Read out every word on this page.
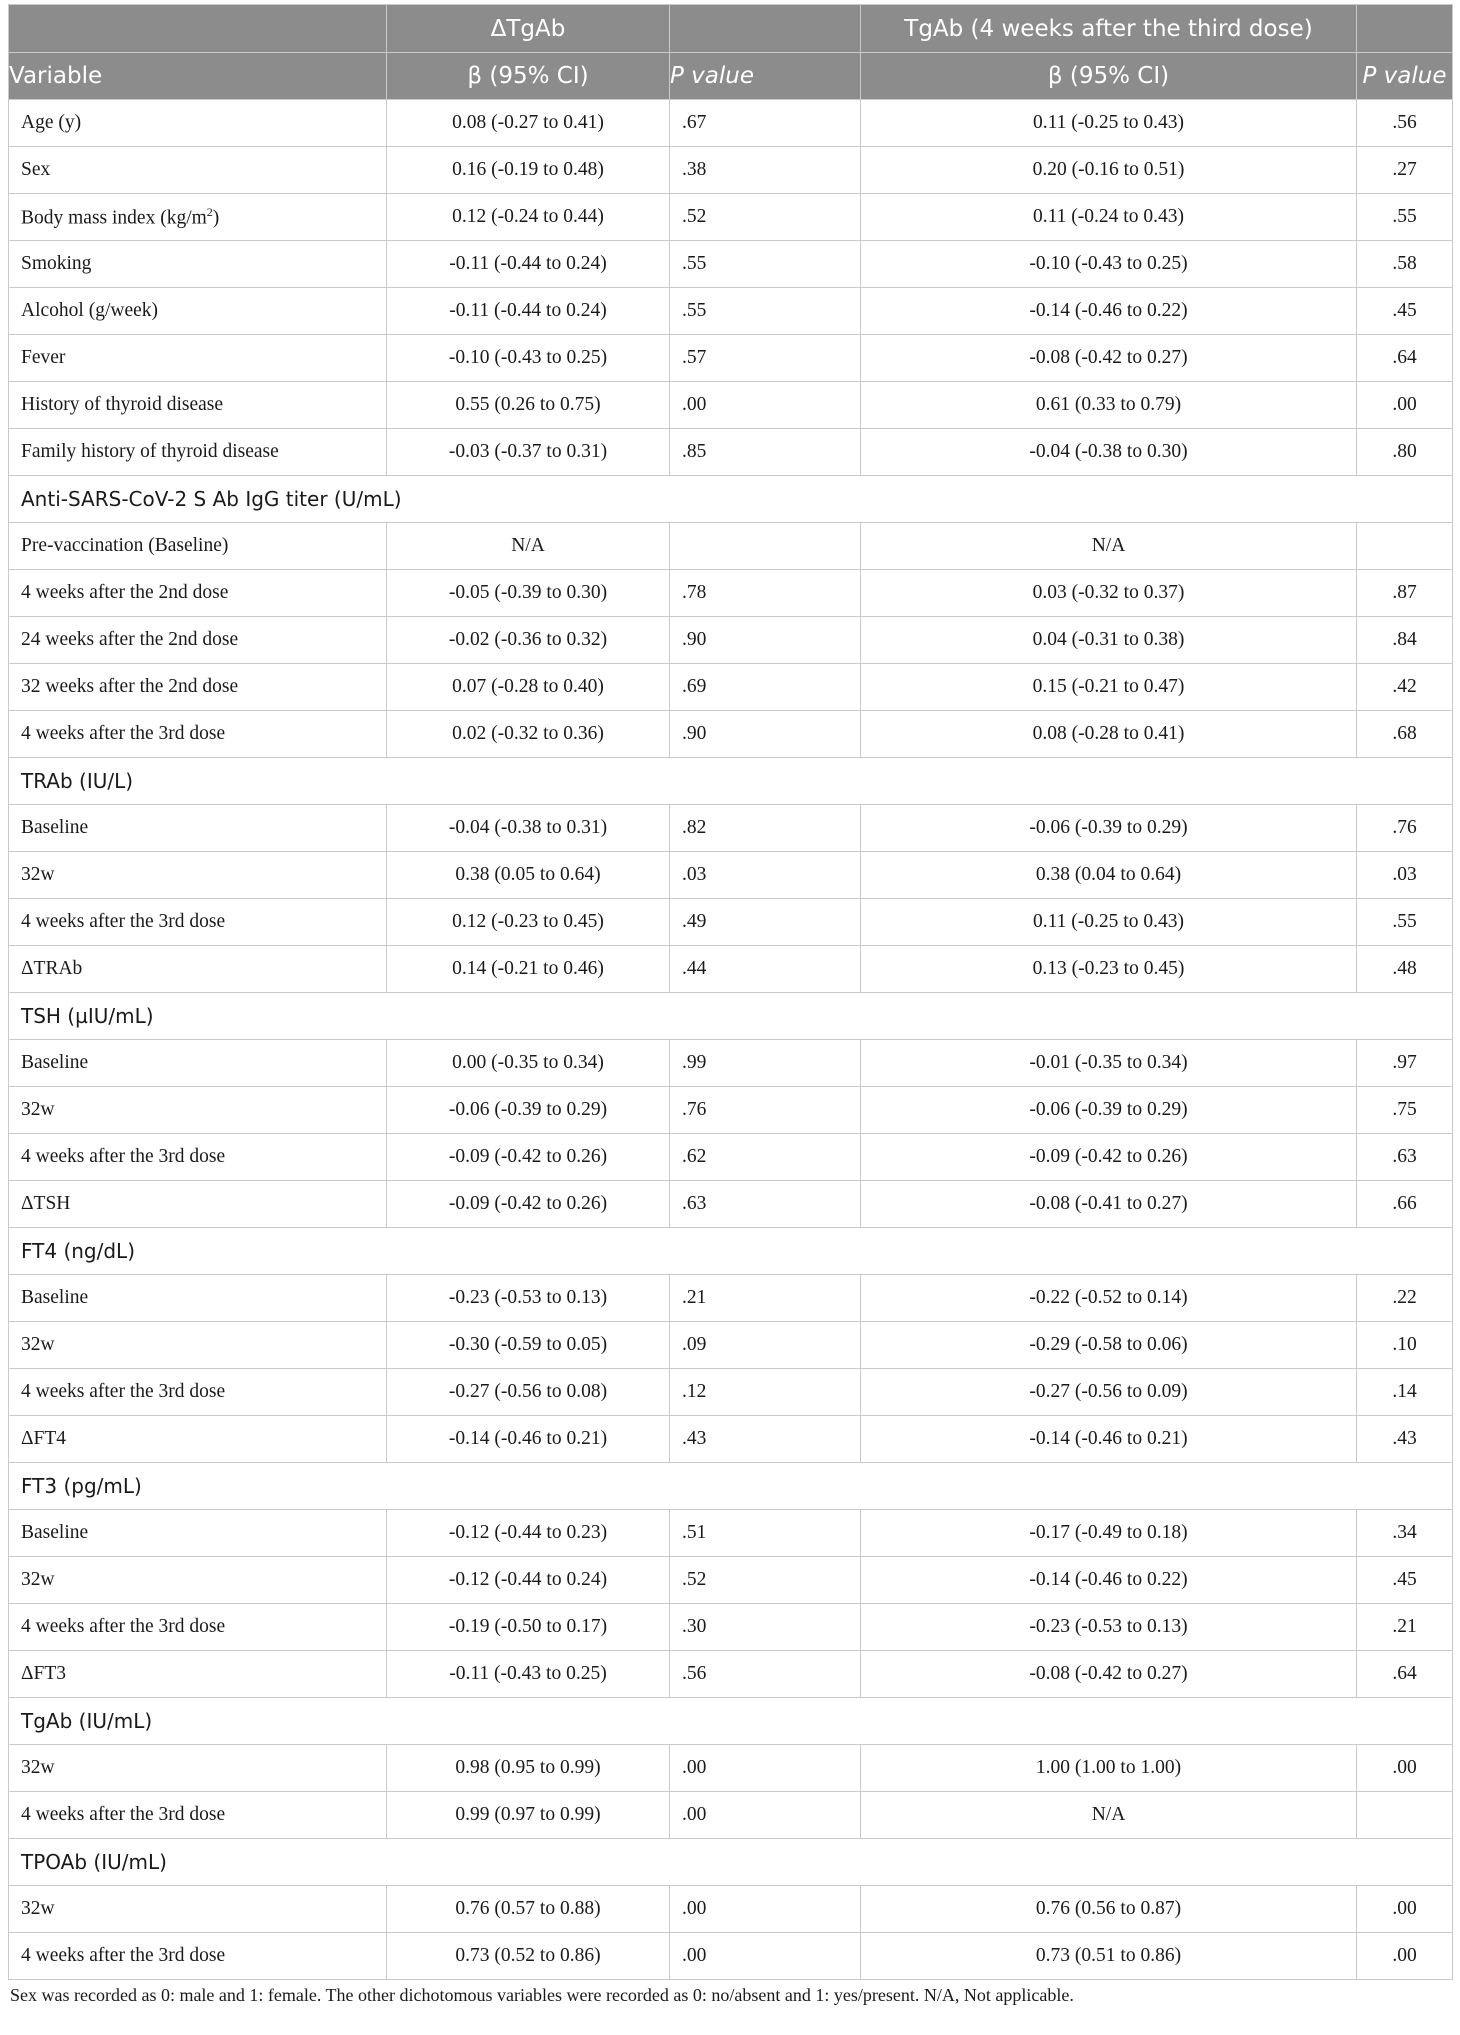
	ΔTgAb		TgAb (4 weeks after the third dose)	
Variable	β (95% CI)	P value	β (95% CI)	P value
Age (y)	0.08 (-0.27 to 0.41)	.67	0.11 (-0.25 to 0.43)	.56
Sex	0.16 (-0.19 to 0.48)	.38	0.20 (-0.16 to 0.51)	.27
Body mass index $(kg/m^2)$	0.12 (-0.24 to 0.44)	.52	0.11 (-0.24 to 0.43)	.55
Smoking	-0.11 (-0.44 to 0.24)	.55	-0.10 (-0.43 to 0.25)	.58
Alcohol (g/week)	-0.11 (-0.44 to 0.24)	.55	-0.14 (-0.46 to 0.22)	.45
Fever	-0.10 (-0.43 to 0.25)	.57	-0.08 (-0.42 to 0.27)	.64
History of thyroid disease	0.55 (0.26 to 0.75)	.00	0.61 (0.33 to 0.79)	.00
Family history of thyroid disease	-0.03 (-0.37 to 0.31)	.85	-0.04 (-0.38 to 0.30)	.80
Anti-SARS-CoV-2 S Ab IgG titer (U/mL)				
Pre-vaccination (Baseline)	N/A		N/A	
4 weeks after the 2nd dose	-0.05 (-0.39 to 0.30)	.78	0.03 (-0.32 to 0.37)	.87
24 weeks after the 2nd dose	-0.02 (-0.36 to 0.32)	.90	0.04 (-0.31 to 0.38)	.84
32 weeks after the 2nd dose	0.07 (-0.28 to 0.40)	.69	0.15 (-0.21 to 0.47)	.42
4 weeks after the 3rd dose	0.02 (-0.32 to 0.36)	.90	0.08 (-0.28 to 0.41)	.68
TRAb (IU/L)				
Baseline	-0.04 (-0.38 to 0.31)	.82	-0.06 (-0.39 to 0.29)	.76
32w	0.38 (0.05 to 0.64)	.03	0.38 (0.04 to 0.64)	.03
4 weeks after the 3rd dose	0.12 (-0.23 to 0.45)	.49	0.11 (-0.25 to 0.43)	.55
ΔTRAb	0.14 (-0.21 to 0.46)	.44	0.13 (-0.23 to 0.45)	.48
TSH (µIU/mL)				
Baseline	0.00 (-0.35 to 0.34)	.99	-0.01 (-0.35 to 0.34)	.97
32w	-0.06 (-0.39 to 0.29)	.76	-0.06 (-0.39 to 0.29)	.75
4 weeks after the 3rd dose	-0.09 (-0.42 to 0.26)	.62	-0.09 (-0.42 to 0.26)	.63
ΔTSH	-0.09 (-0.42 to 0.26)	.63	-0.08 (-0.41 to 0.27)	.66
FT4 (ng/dL)				
Baseline	-0.23 (-0.53 to 0.13)	.21	-0.22 (-0.52 to 0.14)	.22
32w	-0.30 (-0.59 to 0.05)	.09	-0.29 (-0.58 to 0.06)	.10
4 weeks after the 3rd dose	-0.27 (-0.56 to 0.08)	.12	-0.27 (-0.56 to 0.09)	.14
ΔFT4	-0.14 (-0.46 to 0.21)	.43	-0.14 (-0.46 to 0.21)	.43
FT3 (pg/mL)				
Baseline	-0.12 (-0.44 to 0.23)	.51	-0.17 (-0.49 to 0.18)	.34
32w	-0.12 (-0.44 to 0.24)	.52	-0.14 (-0.46 to 0.22)	.45
4 weeks after the 3rd dose	-0.19 (-0.50 to 0.17)	.30	-0.23 (-0.53 to 0.13)	.21
ΔFT3	-0.11 (-0.43 to 0.25)	.56	-0.08 (-0.42 to 0.27)	.64
TgAb (IU/mL)				
32w	0.98 (0.95 to 0.99)	.00	1.00 (1.00 to 1.00)	.00
4 weeks after the 3rd dose	0.99 (0.97 to 0.99)	.00	N/A	
TPOAb (IU/mL)				
32w	0.76 (0.57 to 0.88)	.00	0.76 (0.56 to 0.87)	.00
4 weeks after the 3rd dose	0.73 (0.52 to 0.86)	.00	0.73 (0.51 to 0.86)	.00
Sex was recorded as 0: male and 1: female. The other dichotomous variables were recorded as 0: no/absent and 1: yes/present. N/A, Not applicable.
